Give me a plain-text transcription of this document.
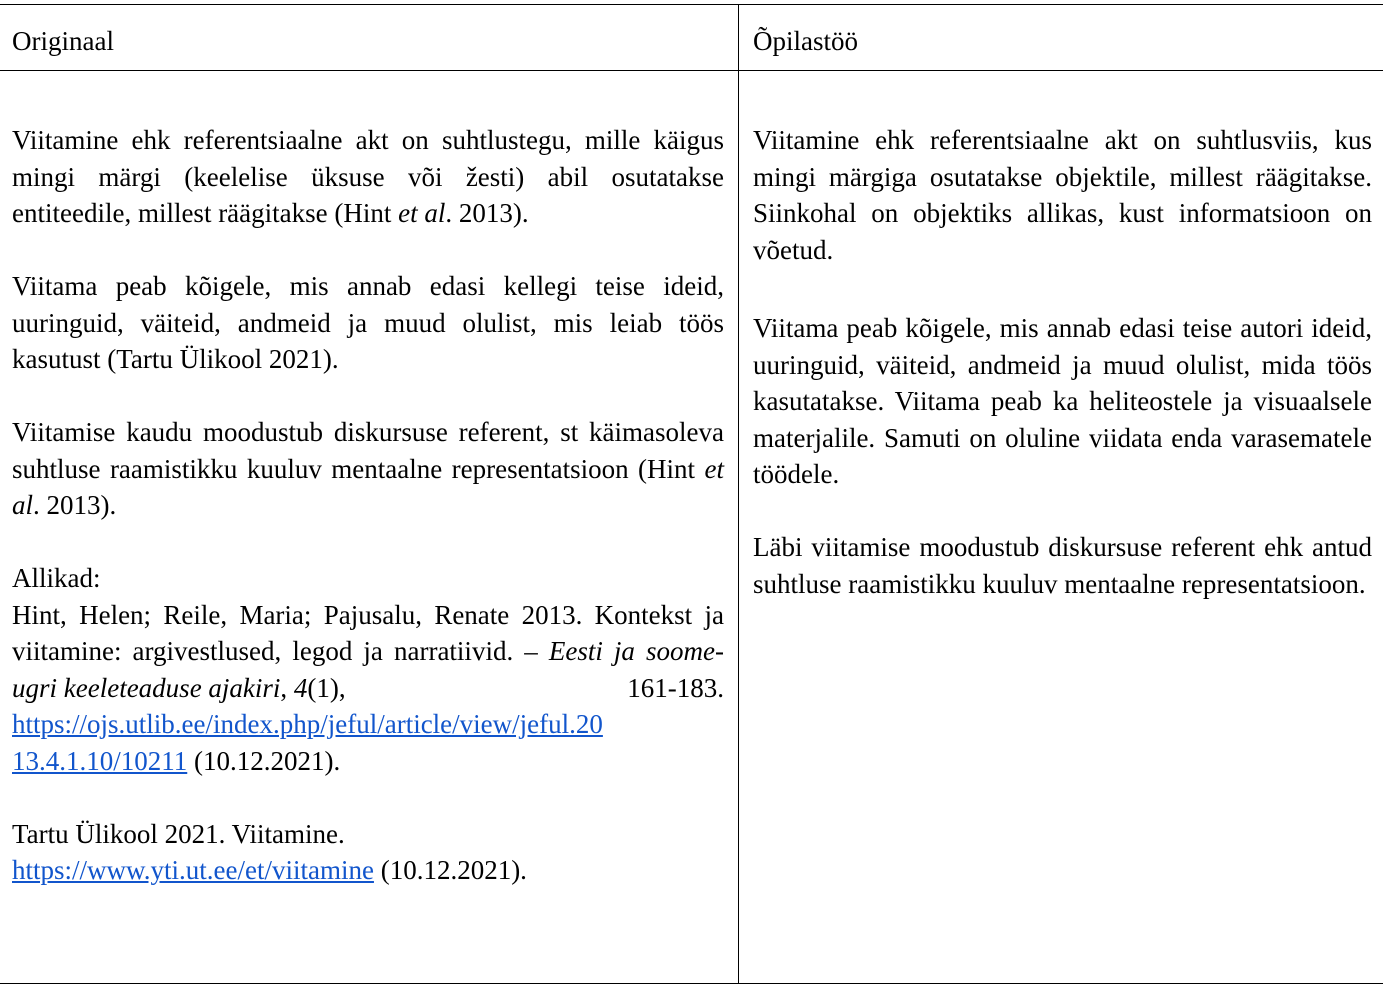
Originaal	Õpilastöö

Viitamine ehk referentsiaalne akt on suhtlustegu, mille käigus mingi märgi (keelelise üksuse või žesti) abil osutatakse entiteedile, millest räägitakse (Hint et al. 2013).

Viitama peab kõigele, mis annab edasi kellegi teise ideid, uuringuid, väiteid, andmeid ja muud olulist, mis leiab töös kasutust (Tartu Ülikool 2021).

Viitamise kaudu moodustub diskursuse referent, st käimasoleva suhtluse raamistikku kuuluv mentaalne representatsioon (Hint et al. 2013).

Allikad:

Hint, Helen; Reile, Maria; Pajusalu, Renate 2013. Kontekst ja viitamine: argivestlused, legod ja narratiivid. – Eesti ja soome-ugri keeleteaduse ajakiri, 4(1),	161-183.

https://ojs.utlib.ee/index.php/jeful/article/view/jeful.20
13.4.1.10/10211 (10.12.2021).

Tartu Ülikool 2021. Viitamine.

https://www.yti.ut.ee/et/viitamine (10.12.2021).

Viitamine ehk referentsiaalne akt on suhtlusviis, kus mingi märgiga osutatakse objektile, millest räägitakse. Siinkohal on objektiks allikas, kust informatsioon on võetud.

Viitama peab kõigele, mis annab edasi teise autori ideid, uuringuid, väiteid, andmeid ja muud olulist, mida töös kasutatakse. Viitama peab ka heliteostele ja visuaalsele materjalile. Samuti on oluline viidata enda varasematele töödele.

Läbi viitamise moodustub diskursuse referent ehk antud suhtluse raamistikku kuuluv mentaalne representatsioon.
